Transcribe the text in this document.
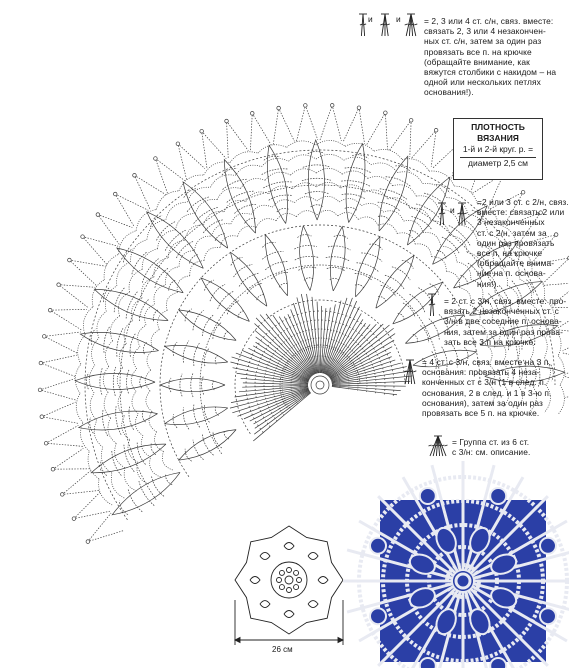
= 2, 3 или 4 ст. с/н, связ. вместе:
связать 2, 3 или 4 незакончен-
ных ст. с/н, затем за один раз
провязать все п. на крючке
(обращайте внимание, как
вяжутся столбики с накидом – на
одной или нескольких петлях
основания!).
и	и
ПЛОТНОСТЬ
ВЯЗАНИЯ
1-й и 2-й круг. р. =
диаметр 2,5 см
=2 или 3 ст. с 2/н, связ.
вместе: связать 2 или
3 незаконченных
ст. с 2/н, затем за
один раз провязать
все п. на крючке
(обращайте внима-
ние на п. основа-
ния!).
и
= 2 ст. с 3/н, связ. вместе: про-
вязать 2 незаконченных ст. с
3/н в две соседние п. основа-
ния, затем за один раз прова-
зать все 3 п на крючке.
= 4 ст. с 3/н, связ. вместе на 3 п.
основания: провязать 4 неза-
конченных ст с 3/н (1 в след. п.
основания, 2 в след. и 1 в 3-ю п.
основания), затем за один раз
провязать все 5 п. на крючке.
= Группа ст. из 6 ст.
с 3/н: см. описание.
26 см
